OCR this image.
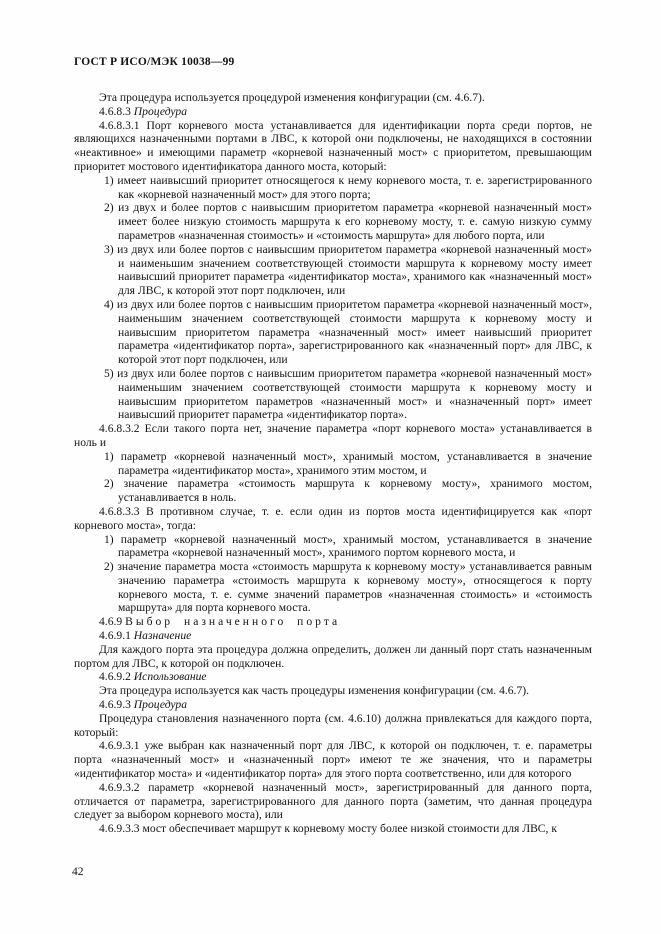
ГОСТ Р ИСО/МЭК 10038—99

Эта процедура используется процедурой изменения конфигурации (см. 4.6.7).

4.6.8.3 Процедура

4.6.8.3.1 Порт корневого моста устанавливается для идентификации порта среди портов, не являющихся назначенными портами в ЛВС, к которой они подключены, не находящихся в состоянии «неактивное» и имеющими параметр «корневой назначенный мост» с приоритетом, превышающим приоритет мостового идентификатора данного моста, который:

1) имеет наивысший приоритет относящегося к нему корневого моста, т. е. зарегистрированного как «корневой назначенный мост» для этого порта;

2) из двух и более портов с наивысшим приоритетом параметра «корневой назначенный мост» имеет более низкую стоимость маршрута к его корневому мосту, т. е. самую низкую сумму параметров «назначенная стоимость» и «стоимость маршрута» для любого порта, или

3) из двух или более портов с наивысшим приоритетом параметра «корневой назначенный мост» и наименьшим значением соответствующей стоимости маршрута к корневому мосту имеет наивысший приоритет параметра «идентификатор моста», хранимого как «назначенный мост» для ЛВС, к которой этот порт подключен, или

4) из двух или более портов с наивысшим приоритетом параметра «корневой назначенный мост», наименьшим значением соответствующей стоимости маршрута к корневому мосту и наивысшим приоритетом параметра «назначенный мост» имеет наивысший приоритет параметра «идентификатор порта», зарегистрированного как «назначенный порт» для ЛВС, к которой этот порт подключен, или

5) из двух или более портов с наивысшим приоритетом параметра «корневой назначенный мост» наименьшим значением соответствующей стоимости маршрута к корневому мосту и наивысшим приоритетом параметров «назначенный мост» и «назначенный порт» имеет наивысший приоритет параметра «идентификатор порта».

4.6.8.3.2 Если такого порта нет, значение параметра «порт корневого моста» устанавливается в ноль и

1) параметр «корневой назначенный мост», хранимый мостом, устанавливается в значение параметра «идентификатор моста», хранимого этим мостом, и

2) значение параметра «стоимость маршрута к корневому мосту», хранимого мостом, устанавливается в ноль.

4.6.8.3.3 В противном случае, т. е. если один из портов моста идентифицируется как «порт корневого моста», тогда:

1) параметр «корневой назначенный мост», хранимый мостом, устанавливается в значение параметра «корневой назначенный мост», хранимого портом корневого моста, и

2) значение параметра моста «стоимость маршрута к корневому мосту» устанавливается равным значению параметра «стоимость маршрута к корневому мосту», относящегося к порту корневого моста, т. е. сумме значений параметров «назначенная стоимость» и «стоимость маршрута» для порта корневого моста.

4.6.9 Выбор назначенного порта

4.6.9.1 Назначение

Для каждого порта эта процедура должна определить, должен ли данный порт стать назначенным портом для ЛВС, к которой он подключен.

4.6.9.2 Использование

Эта процедура используется как часть процедуры изменения конфигурации (см. 4.6.7).

4.6.9.3 Процедура

Процедура становления назначенного порта (см. 4.6.10) должна привлекаться для каждого порта, который:

4.6.9.3.1 уже выбран как назначенный порт для ЛВС, к которой он подключен, т. е. параметры порта «назначенный мост» и «назначенный порт» имеют те же значения, что и параметры «идентификатор моста» и «идентификатор порта» для этого порта соответственно, или для которого

4.6.9.3.2 параметр «корневой назначенный мост», зарегистрированный для данного порта, отличается от параметра, зарегистрированного для данного порта (заметим, что данная процедура следует за выбором корневого моста), или

4.6.9.3.3 мост обеспечивает маршрут к корневому мосту более низкой стоимости для ЛВС, к

42
